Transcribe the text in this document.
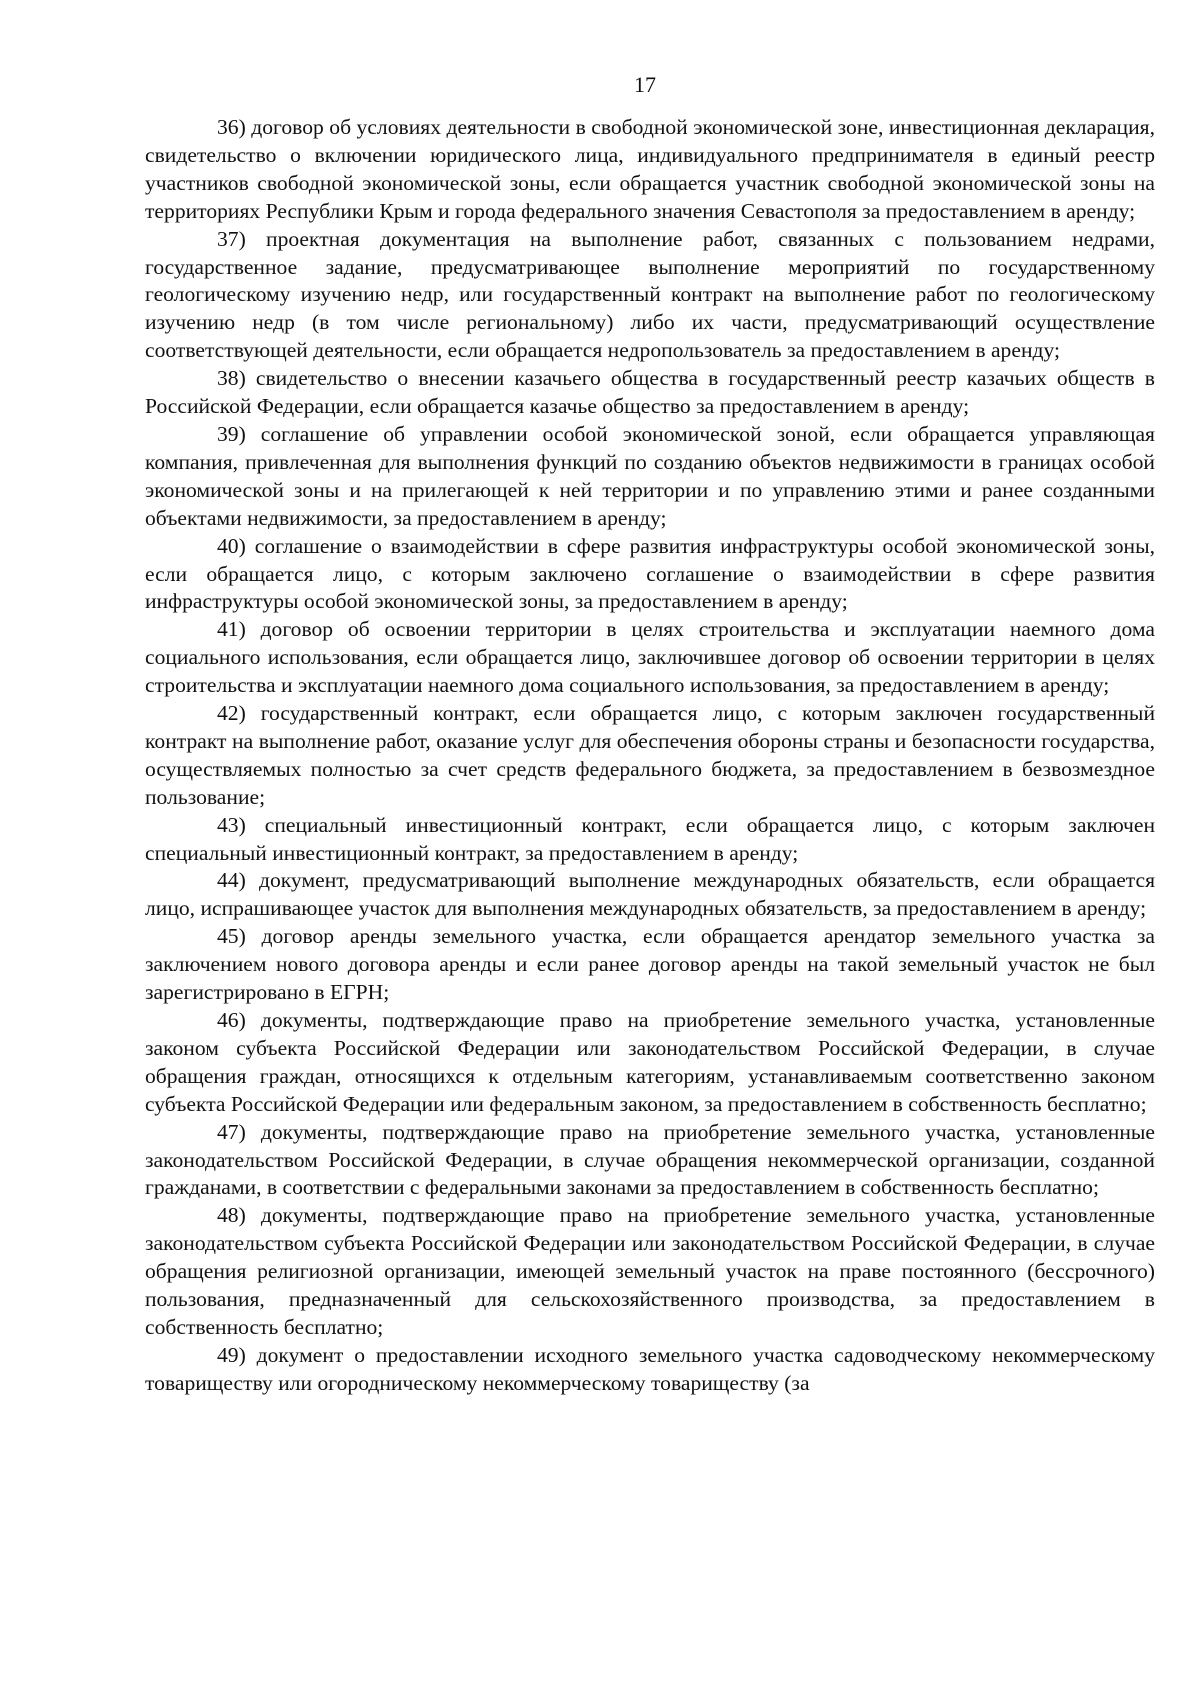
17

36) договор об условиях деятельности в свободной экономической зоне, инвестиционная декларация, свидетельство о включении юридического лица, индивидуального предпринимателя в единый реестр участников свободной экономической зоны, если обращается участник свободной экономической зоны на территориях Республики Крым и города федерального значения Севастополя за предоставлением в аренду;

37) проектная документация на выполнение работ, связанных с пользованием недрами, государственное задание, предусматривающее выполнение мероприятий по государственному геологическому изучению недр, или государственный контракт на выполнение работ по геологическому изучению недр (в том числе региональному) либо их части, предусматривающий осуществление соответствующей деятельности, если обращается недропользователь за предоставлением в аренду;

38) свидетельство о внесении казачьего общества в государственный реестр казачьих обществ в Российской Федерации, если обращается казачье общество за предоставлением в аренду;

39) соглашение об управлении особой экономической зоной, если обращается управляющая компания, привлеченная для выполнения функций по созданию объектов недвижимости в границах особой экономической зоны и на прилегающей к ней территории и по управлению этими и ранее созданными объектами недвижимости, за предоставлением в аренду;

40) соглашение о взаимодействии в сфере развития инфраструктуры особой экономической зоны, если обращается лицо, с которым заключено соглашение о взаимодействии в сфере развития инфраструктуры особой экономической зоны, за предоставлением в аренду;

41) договор об освоении территории в целях строительства и эксплуатации наемного дома социального использования, если обращается лицо, заключившее договор об освоении территории в целях строительства и эксплуатации наемного дома социального использования, за предоставлением в аренду;

42) государственный контракт, если обращается лицо, с которым заключен государственный контракт на выполнение работ, оказание услуг для обеспечения обороны страны и безопасности государства, осуществляемых полностью за счет средств федерального бюджета, за предоставлением в безвозмездное пользование;

43) специальный инвестиционный контракт, если обращается лицо, с которым заключен специальный инвестиционный контракт, за предоставлением в аренду;

44) документ, предусматривающий выполнение международных обязательств, если обращается лицо, испрашивающее участок для выполнения международных обязательств, за предоставлением в аренду;

45) договор аренды земельного участка, если обращается арендатор земельного участка за заключением нового договора аренды и если ранее договор аренды на такой земельный участок не был зарегистрировано в ЕГРН;

46) документы, подтверждающие право на приобретение земельного участка, установленные законом субъекта Российской Федерации или законодательством Российской Федерации, в случае обращения граждан, относящихся к отдельным категориям, устанавливаемым соответственно законом субъекта Российской Федерации или федеральным законом, за предоставлением в собственность бесплатно;

47) документы, подтверждающие право на приобретение земельного участка, установленные законодательством Российской Федерации, в случае обращения некоммерческой организации, созданной гражданами, в соответствии с федеральными законами за предоставлением в собственность бесплатно;

48) документы, подтверждающие право на приобретение земельного участка, установленные законодательством субъекта Российской Федерации или законодательством Российской Федерации, в случае обращения религиозной организации, имеющей земельный участок на праве постоянного (бессрочного) пользования, предназначенный для сельскохозяйственного производства, за предоставлением в собственность бесплатно;

49) документ о предоставлении исходного земельного участка садоводческому некоммерческому товариществу или огородническому некоммерческому товариществу (за
